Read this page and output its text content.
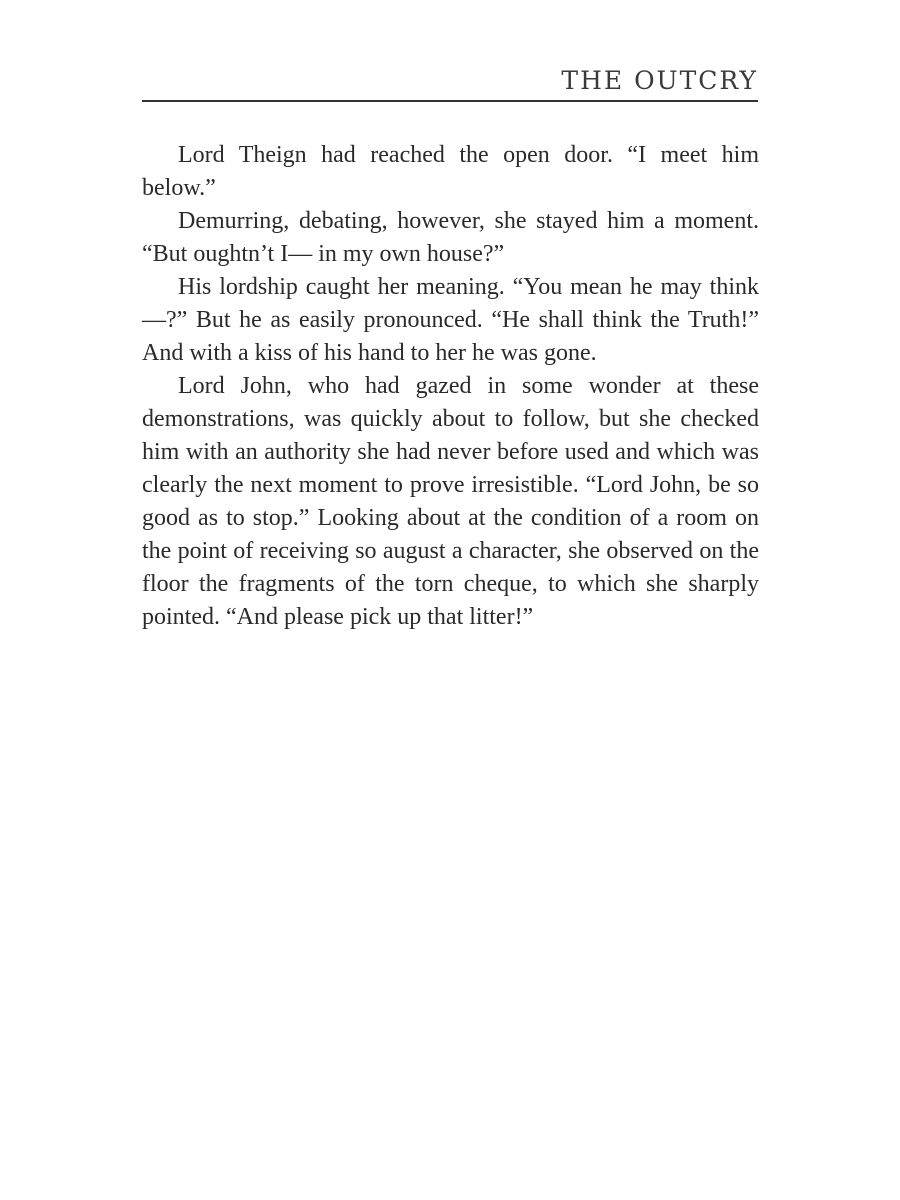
THE OUTCRY

Lord Theign had reached the open door. “I meet him below.”

Demurring, debating, however, she stayed him a moment. “But oughtn’t I— in my own house?”

His lordship caught her meaning. “You mean he may think —?” But he as easily pronounced. “He shall think the Truth!” And with a kiss of his hand to her he was gone.

Lord John, who had gazed in some wonder at these demonstrations, was quickly about to follow, but she checked him with an authority she had never before used and which was clearly the next moment to prove irresistible. “Lord John, be so good as to stop.” Looking about at the condition of a room on the point of receiving so august a character, she observed on the floor the fragments of the torn cheque, to which she sharply pointed. “And please pick up that litter!”
